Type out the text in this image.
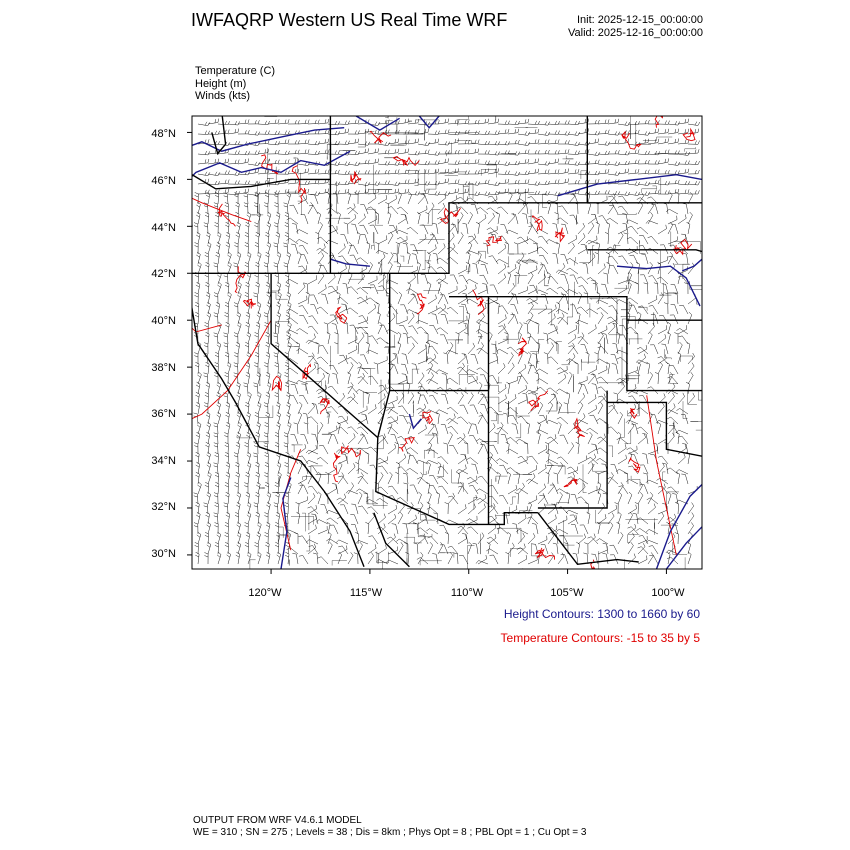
IWFAQRP Western US Real Time WRF	Init: 2025-12-15_00:00:00
Valid: 2025-12-16_00:00:00
Temperature (C)
Height (m)
Winds (kts)
48°N
46°N
44°N
42°N
40°N
38°N
36°N
34°N
32°N
30°N
120°W	115°W	110°W	105°W	100°W
Height Contours: 1300 to 1660 by 60
Temperature Contours: -15 to 35 by 5
OUTPUT FROM WRF V4.6.1 MODEL
WE = 310 ; SN = 275 ; Levels = 38 ; Dis = 8km ; Phys Opt = 8 ; PBL Opt = 1 ; Cu Opt = 3
